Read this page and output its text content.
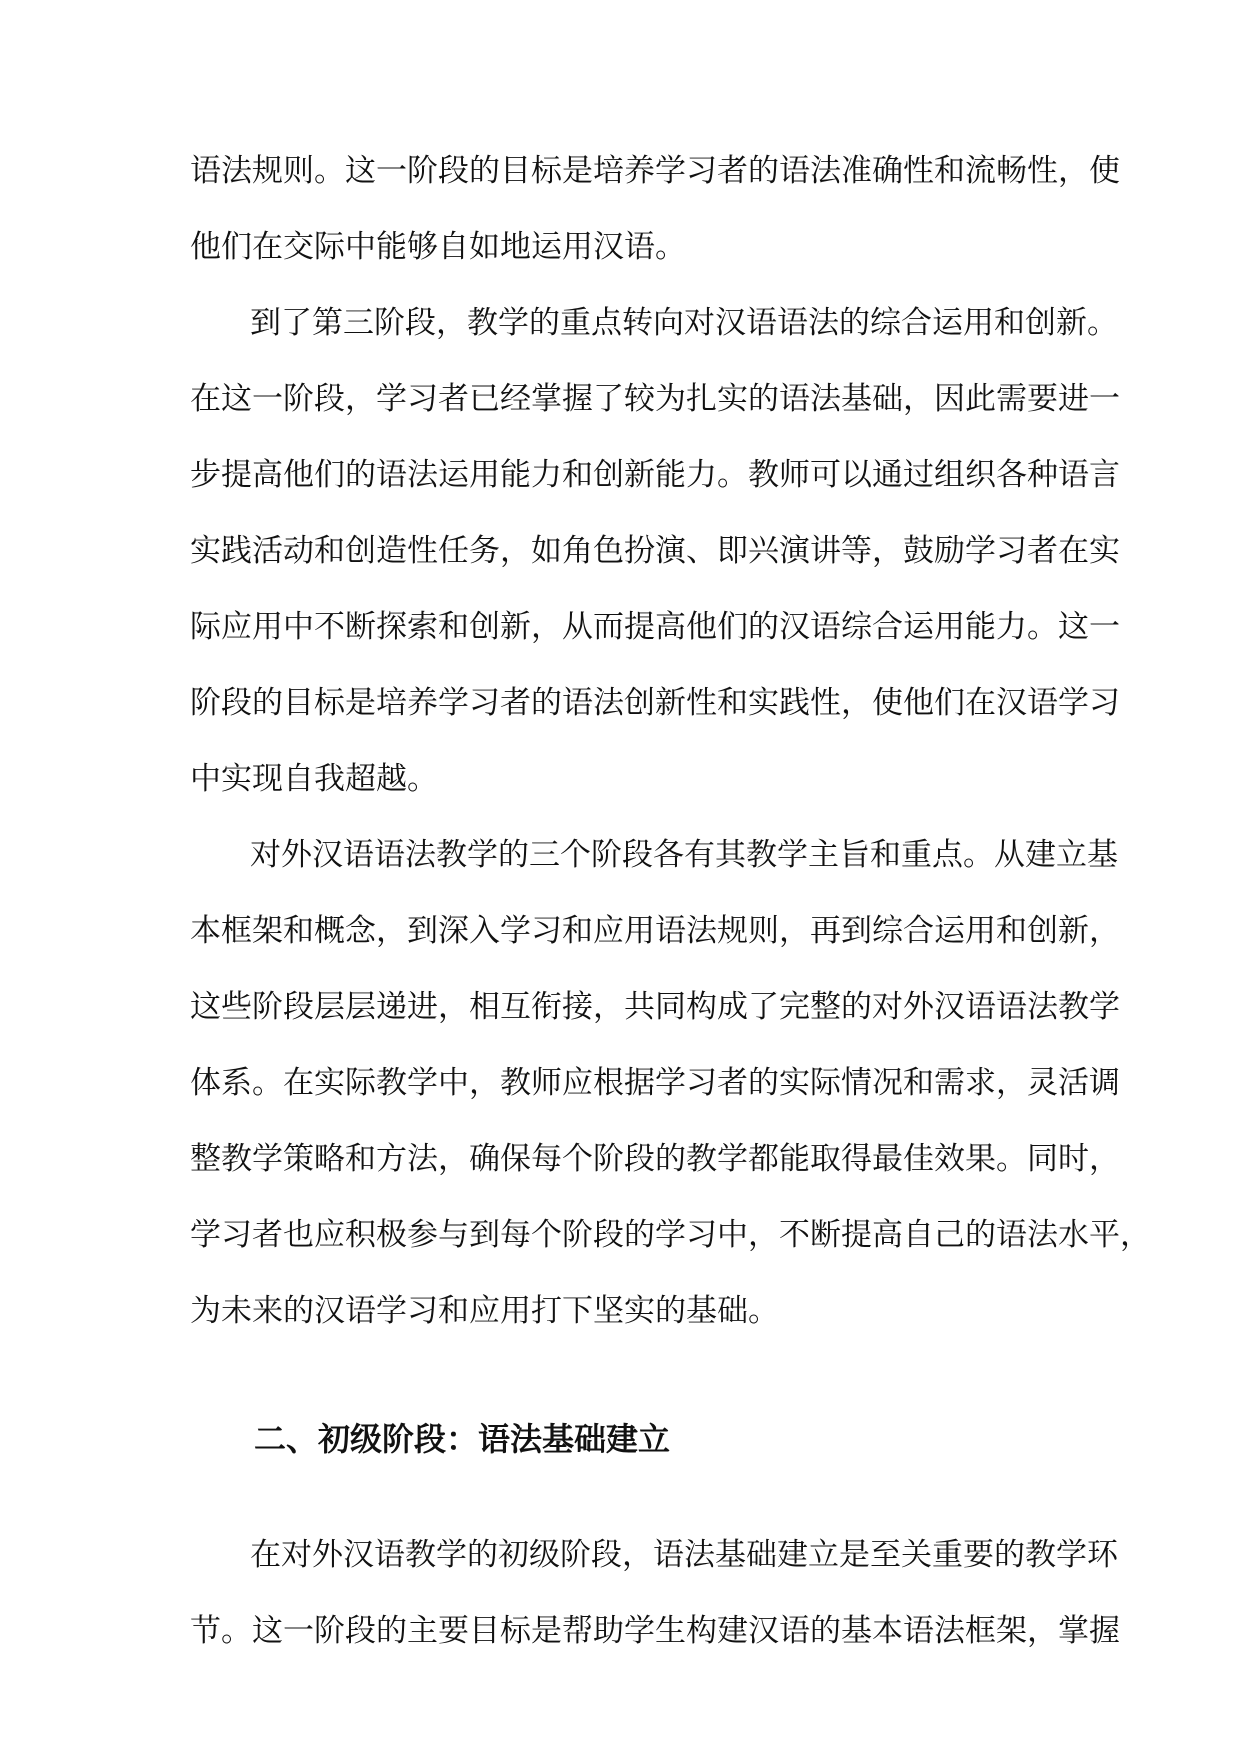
语法规则。这一阶段的目标是培养学习者的语法准确性和流畅性，使
他们在交际中能够自如地运用汉语。
到了第三阶段，教学的重点转向对汉语语法的综合运用和创新。
在这一阶段，学习者已经掌握了较为扎实的语法基础，因此需要进一
步提高他们的语法运用能力和创新能力。教师可以通过组织各种语言
实践活动和创造性任务，如角色扮演、即兴演讲等，鼓励学习者在实
际应用中不断探索和创新，从而提高他们的汉语综合运用能力。这一
阶段的目标是培养学习者的语法创新性和实践性，使他们在汉语学习
中实现自我超越。
对外汉语语法教学的三个阶段各有其教学主旨和重点。从建立基
本框架和概念，到深入学习和应用语法规则，再到综合运用和创新，
这些阶段层层递进，相互衔接，共同构成了完整的对外汉语语法教学
体系。在实际教学中，教师应根据学习者的实际情况和需求，灵活调
整教学策略和方法，确保每个阶段的教学都能取得最佳效果。同时，
学习者也应积极参与到每个阶段的学习中，不断提高自己的语法水平，
为未来的汉语学习和应用打下坚实的基础。
二、初级阶段：语法基础建立
在对外汉语教学的初级阶段，语法基础建立是至关重要的教学环
节。这一阶段的主要目标是帮助学生构建汉语的基本语法框架，掌握
